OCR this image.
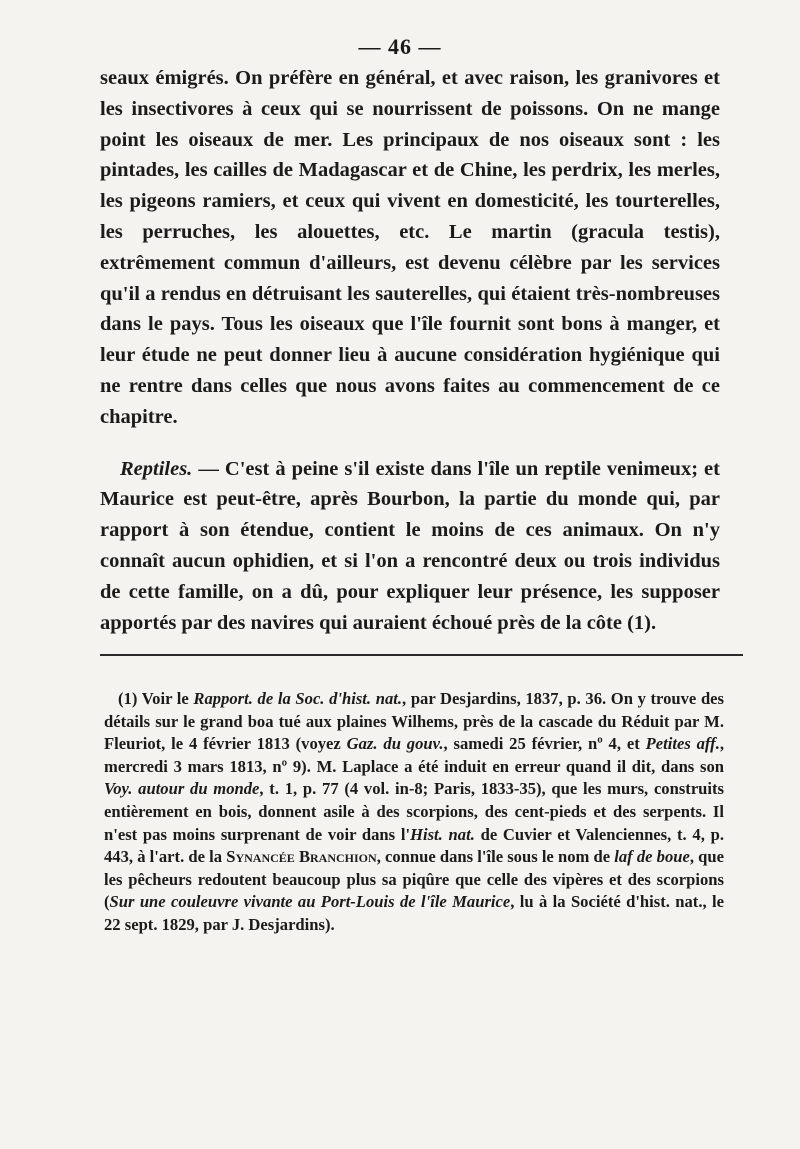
— 46 —

seaux émigrés. On préfère en général, et avec raison, les granivores et les insectivores à ceux qui se nourrissent de poissons. On ne mange point les oiseaux de mer. Les principaux de nos oiseaux sont : les pintades, les cailles de Madagascar et de Chine, les perdrix, les merles, les pigeons ramiers, et ceux qui vivent en domesticité, les tourterelles, les perruches, les alouettes, etc. Le martin (gracula testis), extrêmement commun d'ailleurs, est devenu célèbre par les services qu'il a rendus en détruisant les sauterelles, qui étaient très-nombreuses dans le pays. Tous les oiseaux que l'île fournit sont bons à manger, et leur étude ne peut donner lieu à aucune considération hygiénique qui ne rentre dans celles que nous avons faites au commencement de ce chapitre.

Reptiles. — C'est à peine s'il existe dans l'île un reptile venimeux; et Maurice est peut-être, après Bourbon, la partie du monde qui, par rapport à son étendue, contient le moins de ces animaux. On n'y connaît aucun ophidien, et si l'on a rencontré deux ou trois individus de cette famille, on a dû, pour expliquer leur présence, les supposer apportés par des navires qui auraient échoué près de la côte (1).

(1) Voir le Rapport. de la Soc. d'hist. nat., par Desjardins, 1837, p. 36. On y trouve des détails sur le grand boa tué aux plaines Wilhems, près de la cascade du Réduit par M. Fleuriot, le 4 février 1813 (voyez Gaz. du gouv., samedi 25 février, nº 4, et Petites aff., mercredi 3 mars 1813, nº 9). M. Laplace a été induit en erreur quand il dit, dans son Voy. autour du monde, t. 1, p. 77 (4 vol. in-8; Paris, 1833-35), que les murs, construits entièrement en bois, donnent asile à des scorpions, des cent-pieds et des serpents. Il n'est pas moins surprenant de voir dans l'Hist. nat. de Cuvier et Valenciennes, t. 4, p. 443, à l'art. de la Synancée Branchion, connue dans l'île sous le nom de laf de boue, que les pêcheurs redoutent beaucoup plus sa piqûre que celle des vipères et des scorpions (Sur une couleuvre vivante au Port-Louis de l'île Maurice, lu à la Société d'hist. nat., le 22 sept. 1829, par J. Desjardins).
